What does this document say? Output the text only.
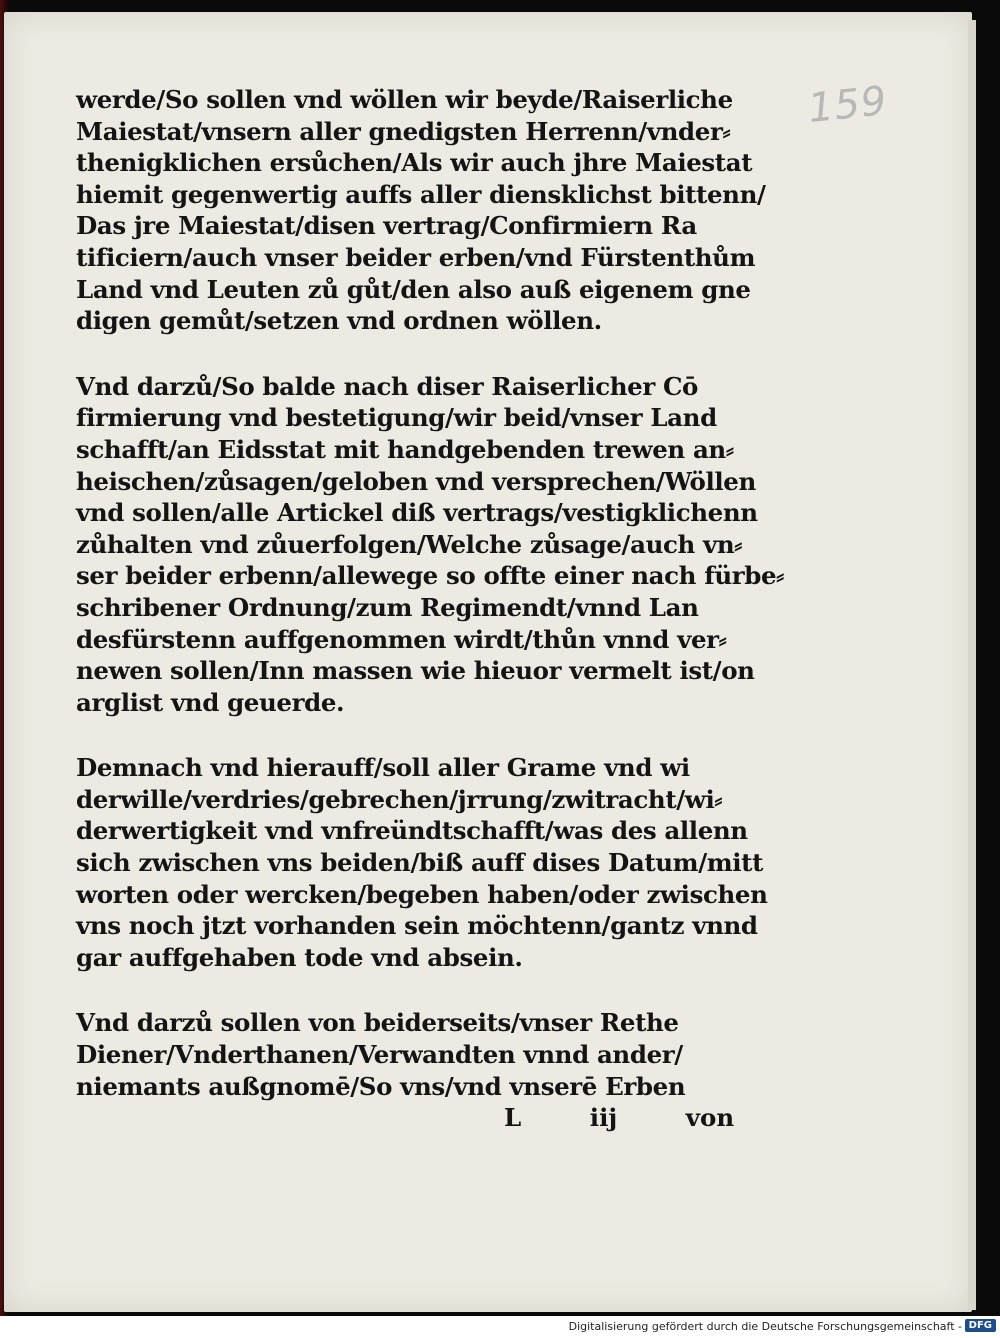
159
werde/So sollen vnd wöllen wir beyde/Raiserliche
Maiestat/vnsern aller gnedigsten Herrenn/vnder⸗
thenigklichen ersůchen/Als wir auch jhre Maiestat
hiemit gegenwertig auffs aller diensklichst bittenn/
Das jre Maiestat/disen vertrag/Confirmiern Ra
tificiern/auch vnser beider erben/vnd Fürstenthům
Land vnd Leuten zů gůt/den also auß eigenem gne
digen gemůt/setzen vnd ordnen wöllen.
Vnd darzů/So balde nach diser Raiserlicher Cō
firmierung vnd bestetigung/wir beid/vnser Land
schafft/an Eidsstat mit handgebenden trewen an⸗
heischen/zůsagen/geloben vnd versprechen/Wöllen
vnd sollen/alle Artickel diß vertrags/vestigklichenn
zůhalten vnd zůuerfolgen/Welche zůsage/auch vn⸗
ser beider erbenn/allewege so offte einer nach fürbe⸗
schribener Ordnung/zum Regimendt/vnnd Lan
desfürstenn auffgenommen wirdt/thůn vnnd ver⸗
newen sollen/Inn massen wie hieuor vermelt ist/on
arglist vnd geuerde.
Demnach vnd hierauff/soll aller Grame vnd wi
derwille/verdries/gebrechen/jrrung/zwitracht/wi⸗
derwertigkeit vnd vnfreündtschafft/was des allenn
sich zwischen vns beiden/biß auff dises Datum/mitt
worten oder wercken/begeben haben/oder zwischen
vns noch jtzt vorhanden sein möchtenn/gantz vnnd
gar auffgehaben tode vnd absein.
Vnd darzů sollen von beiderseits/vnser Rethe
Diener/Vnderthanen/Verwandten vnnd ander/
niemants außgnomē/So vns/vnd vnserē Erben
L iij	von
Digitalisierung gefördert durch die Deutsche Forschungsgemeinschaft - DFG
